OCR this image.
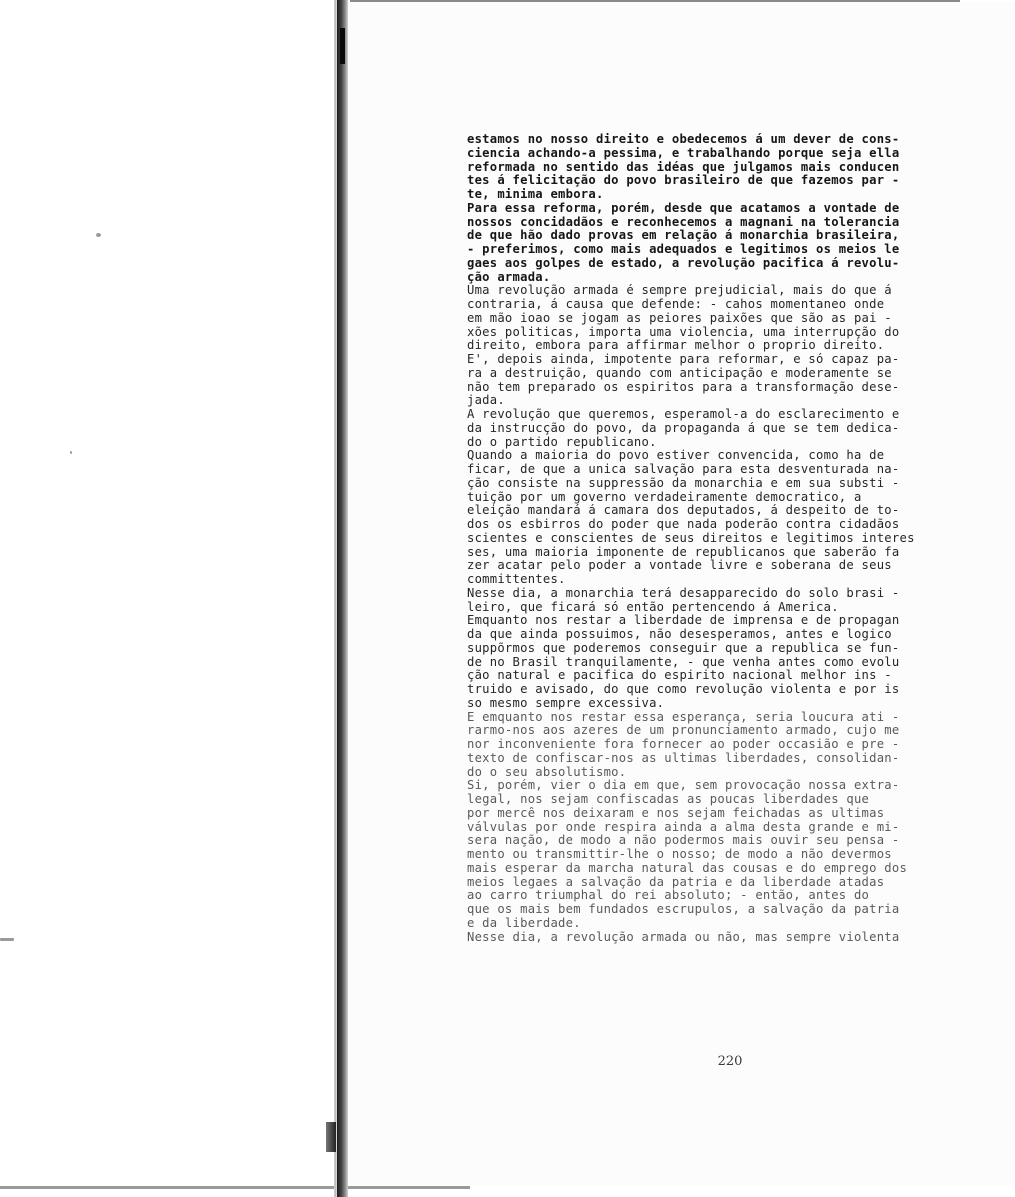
estamos no nosso direito e obedecemos á um dever de cons-
ciencia achando-a pessima, e trabalhando porque seja ella
reformada no sentido das idéas que julgamos mais conducen
tes á felicitação do povo brasileiro de que fazemos par -
te, minima embora.
Para essa reforma, porém, desde que acatamos a vontade de
nossos concidadãos e reconhecemos a magnani na tolerancia
de que hão dado provas em relação á monarchia brasileira,
- preferimos, como mais adequados e legitimos os meios le
gaes aos golpes de estado, a revolução pacifica á revolu-
ção armada.
Uma revolução armada é sempre prejudicial, mais do que á
contraria, á causa que defende: - cahos momentaneo onde
em mão ioao se jogam as peiores paixões que são as pai -
xões politicas, importa uma violencia, uma interrupção do
direito, embora para affirmar melhor o proprio direito.
E', depois ainda, impotente para reformar, e só capaz pa-
ra a destruição, quando com anticipação e moderamente se
não tem preparado os espiritos para a transformação dese-
jada.
A revolução que queremos, esperamol-a do esclarecimento e
da instrucção do povo, da propaganda á que se tem dedica-
do o partido republicano.
Quando a maioria do povo estiver convencida, como ha de
ficar, de que a unica salvação para esta desventurada na-
ção consiste na suppressão da monarchia e em sua substi -
tuição por um governo verdadeiramente democratico, a
eleição mandará á camara dos deputados, á despeito de to-
dos os esbirros do poder que nada poderão contra cidadãos
scientes e conscientes de seus direitos e legitimos interes
ses, uma maioria imponente de republicanos que saberão fa
zer acatar pelo poder a vontade livre e soberana de seus
committentes.
Nesse dia, a monarchia terá desapparecido do solo brasi -
leiro, que ficará só então pertencendo á America.
Emquanto nos restar a liberdade de imprensa e de propagan
da que ainda possuimos, não desesperamos, antes e logico
suppõrmos que poderemos conseguir que a republica se fun-
de no Brasil tranquilamente, - que venha antes como evolu
ção natural e pacifica do espirito nacional melhor ins -
truido e avisado, do que como revolução violenta e por is
so mesmo sempre excessiva.
E emquanto nos restar essa esperança, seria loucura ati -
rarmo-nos aos azeres de um pronunciamento armado, cujo me
nor inconveniente fora fornecer ao poder occasião e pre -
texto de confiscar-nos as ultimas liberdades, consolidan-
do o seu absolutismo.
Si, porém, vier o dia em que, sem provocação nossa extra-
legal, nos sejam confiscadas as poucas liberdades que
por mercê nos deixaram e nos sejam feichadas as ultimas
válvulas por onde respira ainda a alma desta grande e mi-
sera nação, de modo a não podermos mais ouvir seu pensa -
mento ou transmittir-lhe o nosso; de modo a não devermos
mais esperar da marcha natural das cousas e do emprego dos
meios legaes a salvação da patria e da liberdade atadas
ao carro triumphal do rei absoluto; - então, antes do
que os mais bem fundados escrupulos, a salvação da patria
e da liberdade.
Nesse dia, a revolução armada ou não, mas sempre violenta
220
